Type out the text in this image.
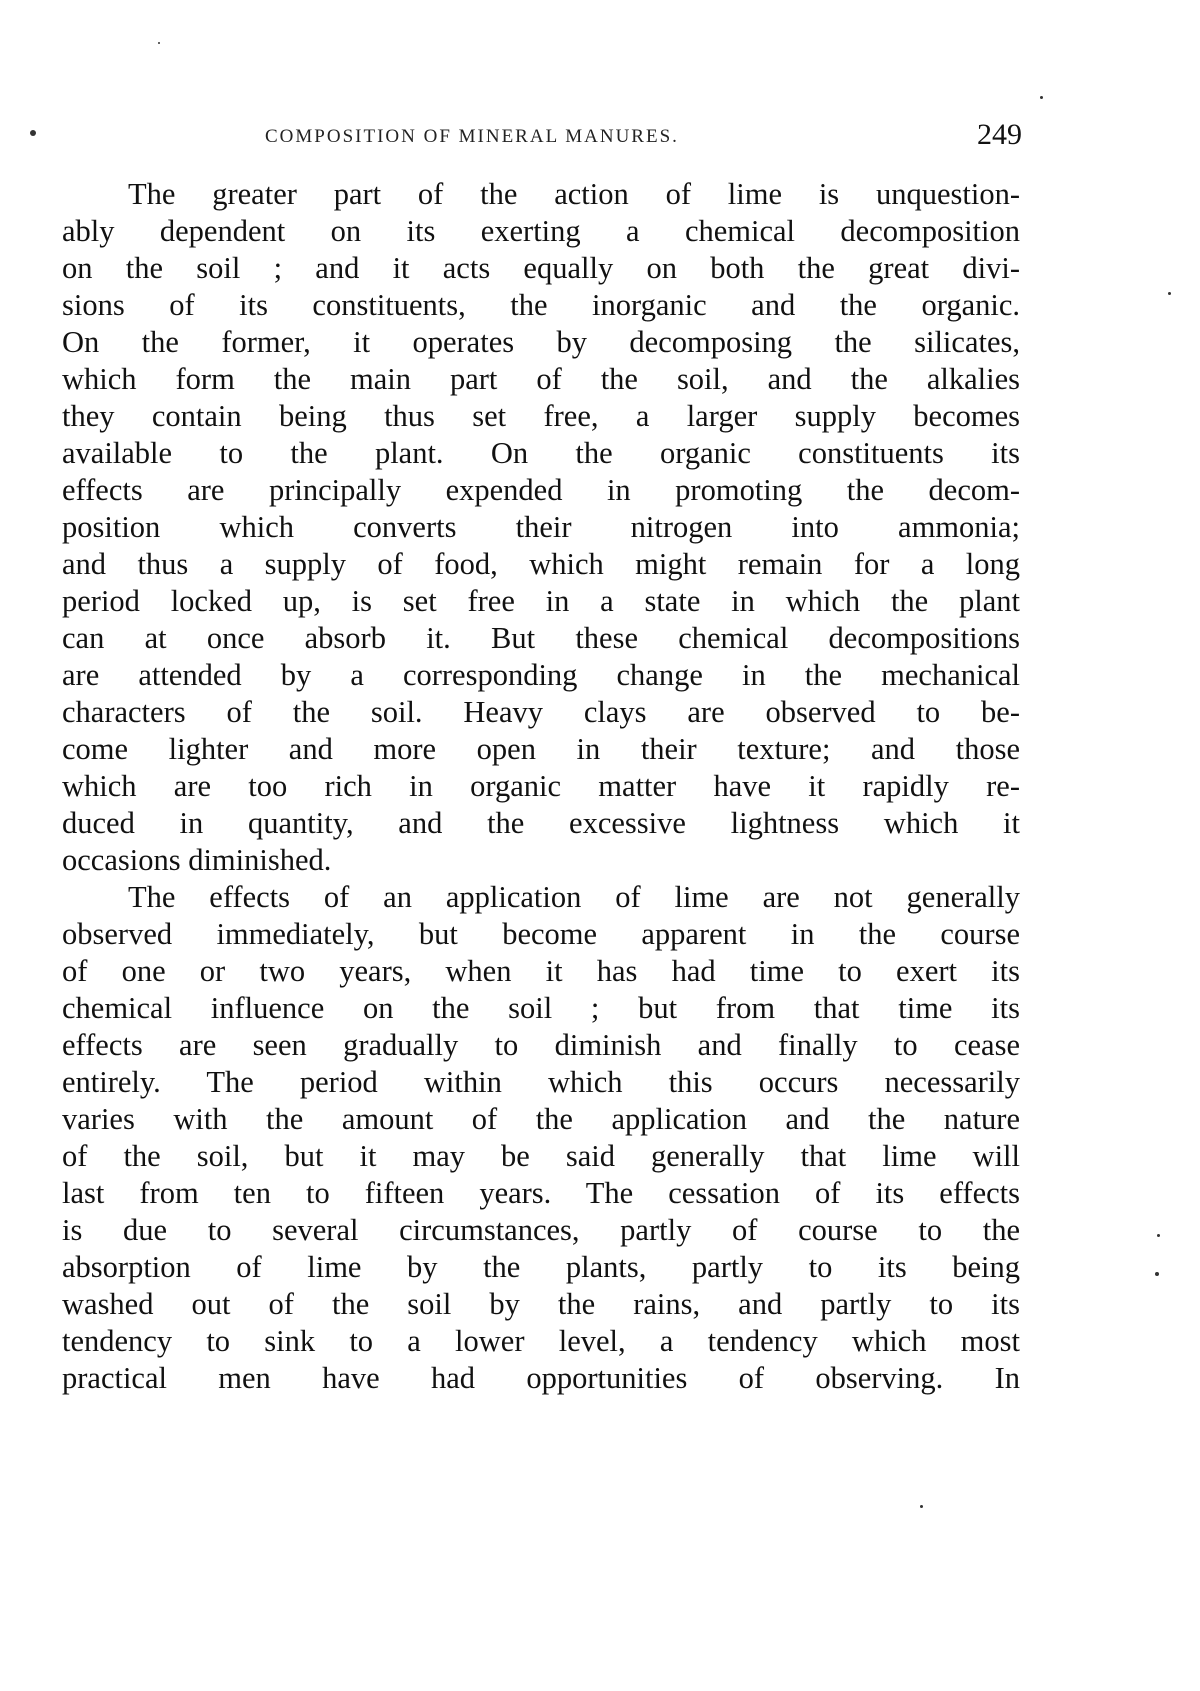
COMPOSITION OF MINERAL MANURES.	249

The greater part of the action of lime is unquestion-
ably dependent on its exerting a chemical decomposition
on the soil ; and it acts equally on both the great divi-
sions of its constituents, the inorganic and the organic.
On the former, it operates by decomposing the silicates,
which form the main part of the soil, and the alkalies
they contain being thus set free, a larger supply becomes
available to the plant. On the organic constituents its
effects are principally expended in promoting the decom-
position which converts their nitrogen into ammonia;
and thus a supply of food, which might remain for a long
period locked up, is set free in a state in which the plant
can at once absorb it. But these chemical decompositions
are attended by a corresponding change in the mechanical
characters of the soil. Heavy clays are observed to be-
come lighter and more open in their texture; and those
which are too rich in organic matter have it rapidly re-
duced in quantity, and the excessive lightness which it
occasions diminished.

The effects of an application of lime are not generally
observed immediately, but become apparent in the course
of one or two years, when it has had time to exert its
chemical influence on the soil ; but from that time its
effects are seen gradually to diminish and finally to cease
entirely. The period within which this occurs necessarily
varies with the amount of the application and the nature
of the soil, but it may be said generally that lime will
last from ten to fifteen years. The cessation of its effects
is due to several circumstances, partly of course to the
absorption of lime by the plants, partly to its being
washed out of the soil by the rains, and partly to its
tendency to sink to a lower level, a tendency which most
practical men have had opportunities of observing. In
